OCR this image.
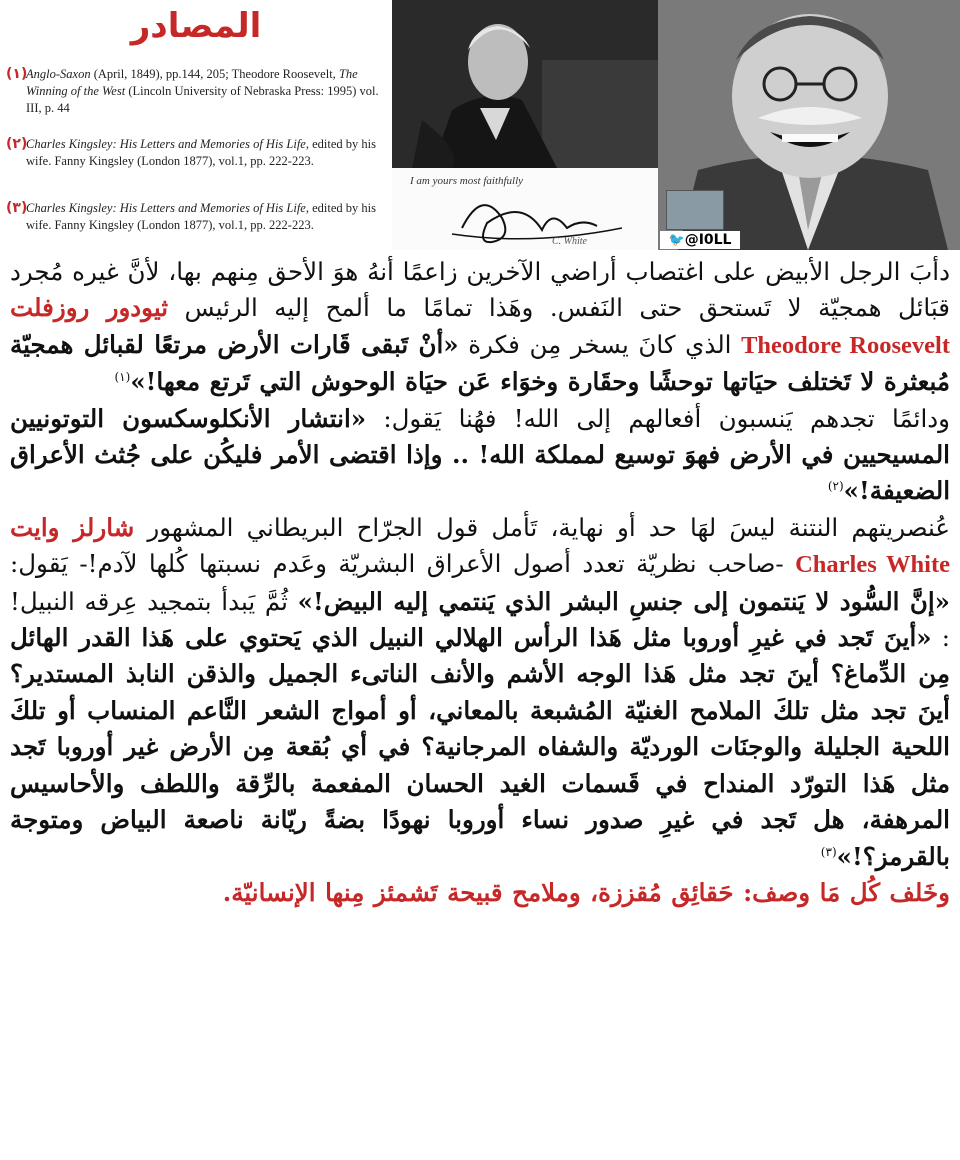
المصادر
(١)
Anglo-Saxon (April, 1849), pp.144, 205; Theodore Roosevelt, The Winning of the West (Lincoln University of Nebraska Press: 1995) vol. III, p. 44
(٢)
Charles Kingsley: His Letters and Memories of His Life, edited by his wife. Fanny Kingsley (London 1877), vol.1, pp. 222-223.
(٣)
Charles Kingsley: His Letters and Memories of His Life, edited by his wife. Fanny Kingsley (London 1877), vol.1, pp. 222-223.
I am yours most faithfully
C. White	🐦@I0LL

دأبَ الرجل الأبيض على اغتصاب أراضي الآخرين زاعمًا أنهُ هوَ الأحق مِنهم بها، لأنَّ غيره مُجرد قبَائل همجيّة لا تَستحق حتى النَفس. وهَذا تمامًا ما ألمح إليه الرئيس ثيودور روزفلت Theodore Roosevelt الذي كانَ يسخر مِن فكرة «أنْ تَبقى قَارات الأرض مرتعًا لقبائل همجيّة مُبعثرة لا تَختلف حيَاتها توحشًا وحقَارة وخوَاء عَن حيَاة الوحوش التي تَرتع معها!»$^{(١)}$

ودائمًا تجدهم يَنسبون أفعالهم إلى الله! فهُنا يَقول: «انتشار الأنكلوسكسون التوتونيين المسيحيين في الأرض فهوَ توسيع لمملكة الله! .. وإذا اقتضى الأمر فليكُن على جُثث الأعراق الضعيفة!»$^{(٢)}$

عُنصريتهم النتنة ليسَ لهَا حد أو نهاية، تَأمل قول الجرّاح البريطاني المشهور شارلز وايت Charles White -صاحب نظريّة تعدد أصول الأعراق البشريّة وعَدم نسبتها كُلها لآدم!- يَقول: «إنَّ السُّود لا يَنتمون إلى جنسِ البشر الذي يَنتمي إليه البيض!» ثُمَّ يَبدأ بتمجيد عِرقه النبيل! : «أينَ تَجد في غيرِ أوروبا مثل هَذا الرأس الهلالي النبيل الذي يَحتوي على هَذا القدر الهائل مِن الدِّماغ؟ أينَ تجد مثل هَذا الوجه الأشم والأنف الناتىء الجميل والذقن النابذ المستدير؟ أينَ تجد مثل تلكَ الملامح الغنيّة المُشبعة بالمعاني، أو أمواج الشعر النَّاعم المنساب أو تلكَ اللحية الجليلة والوجنَات الورديّة والشفاه المرجانية؟ في أي بُقعة مِن الأرض غير أوروبا تَجد مثل هَذا التورّد المنداح في قَسمات الغيد الحسان المفعمة بالرِّقة واللطف والأحاسيس المرهفة، هل تَجد في غيرِ صدور نساء أوروبا نهودًا بضةً ريّانة ناصعة البياض ومتوجة بالقرمز؟!»$^{(٣)}$

وخَلف كُل مَا وصف: حَقائِق مُقززة، وملامح قبيحة تَشمئز مِنها الإنسانيّة.
